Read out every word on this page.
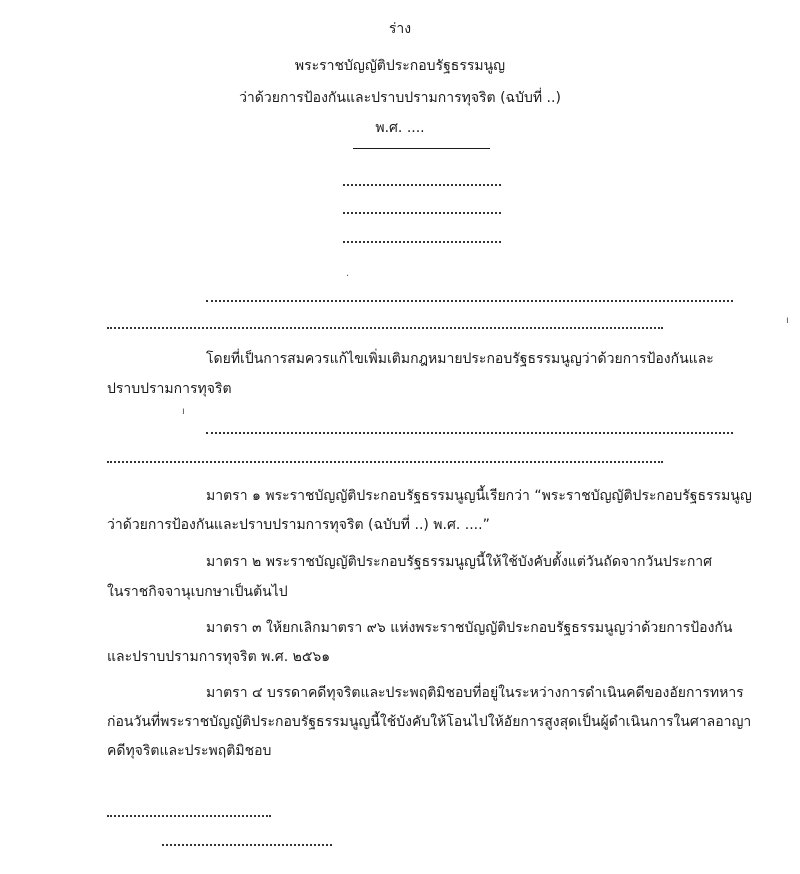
ร่าง
พระราชบัญญัติประกอบรัฐธรรมนูญ
ว่าด้วยการป้องกันและปราบปรามการทุจริต (ฉบับที่ ..)
พ.ศ. ....
·
ı
โดยที่เป็นการสมควรแก้ไขเพิ่มเติมกฎหมายประกอบรัฐธรรมนูญว่าด้วยการป้องกันและ
ปราบปรามการทุจริต
ı
มาตรา ๑ พระราชบัญญัติประกอบรัฐธรรมนูญนี้เรียกว่า “พระราชบัญญัติประกอบรัฐธรรมนูญ
ว่าด้วยการป้องกันและปราบปรามการทุจริต (ฉบับที่ ..) พ.ศ. ....”
มาตรา ๒ พระราชบัญญัติประกอบรัฐธรรมนูญนี้ให้ใช้บังคับตั้งแต่วันถัดจากวันประกาศ
ในราชกิจจานุเบกษาเป็นต้นไป
มาตรา ๓ ให้ยกเลิกมาตรา ๙๖ แห่งพระราชบัญญัติประกอบรัฐธรรมนูญว่าด้วยการป้องกัน
และปราบปรามการทุจริต พ.ศ. ๒๕๖๑
มาตรา ๔ บรรดาคดีทุจริตและประพฤติมิชอบที่อยู่ในระหว่างการดำเนินคดีของอัยการทหาร
ก่อนวันที่พระราชบัญญัติประกอบรัฐธรรมนูญนี้ใช้บังคับให้โอนไปให้อัยการสูงสุดเป็นผู้ดำเนินการในศาลอาญา
คดีทุจริตและประพฤติมิชอบ
